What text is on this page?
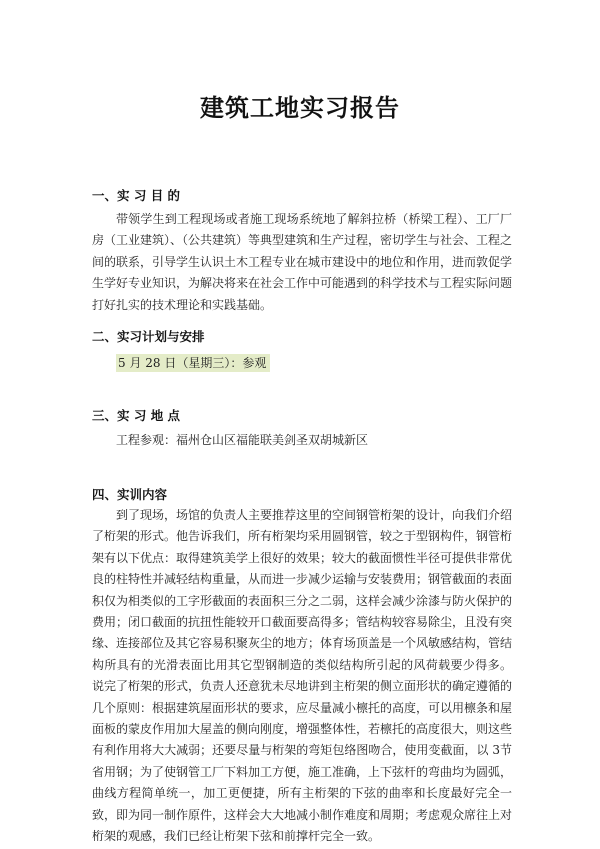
建筑工地实习报告
一、实 习 目 的

带领学生到工程现场或者施工现场系统地了解斜拉桥（桥梁工程）、工厂厂房（工业建筑）、（公共建筑）等典型建筑和生产过程，密切学生与社会、工程之间的联系，引导学生认识土木工程专业在城市建设中的地位和作用，进而敦促学生学好专业知识，为解决将来在社会工作中可能遇到的科学技术与工程实际问题打好扎实的技术理论和实践基础。

二、实习计划与安排
5 月 28 日（星期三）：参观
三、实 习 地 点
工程参观：福州仓山区福能联美剑圣双胡城新区
四、实训内容

到了现场，场馆的负责人主要推荐这里的空间钢管桁架的设计，向我们介绍了桁架的形式。他告诉我们，所有桁架均采用圆钢管，较之于型钢构件，钢管桁架有以下优点：取得建筑美学上很好的效果；较大的截面惯性半径可提供非常优良的柱特性并减轻结构重量，从而进一步减少运输与安装费用；钢管截面的表面积仅为相类似的工字形截面的表面积三分之二弱，这样会减少涂漆与防火保护的费用；闭口截面的抗扭性能较开口截面要高得多；管结构较容易除尘，且没有突缘、连接部位及其它容易积聚灰尘的地方；体育场顶盖是一个风敏感结构，管结构所具有的光滑表面比用其它型钢制造的类似结构所引起的风荷载要少得多。 说完了桁架的形式，负责人还意犹未尽地讲到主桁架的侧立面形状的确定遵循的几个原则：根据建筑屋面形状的要求，应尽量减小檩托的高度，可以用檩条和屋面板的蒙皮作用加大屋盖的侧向刚度，增强整体性，若檩托的高度很大，则这些有利作用将大大减弱；还要尽量与桁架的弯矩包络图吻合，使用变截面，以 3节省用钢；为了使钢管工厂下料加工方便，施工准确，上下弦杆的弯曲均为圆弧，曲线方程简单统一，加工更便捷，所有主桁架的下弦的曲率和长度最好完全一致，即为同一制作原件，这样会大大地减小制作难度和周期；考虑观众席往上对桁架的观感，我们已经让桁架下弦和前撑杆完全一致。
